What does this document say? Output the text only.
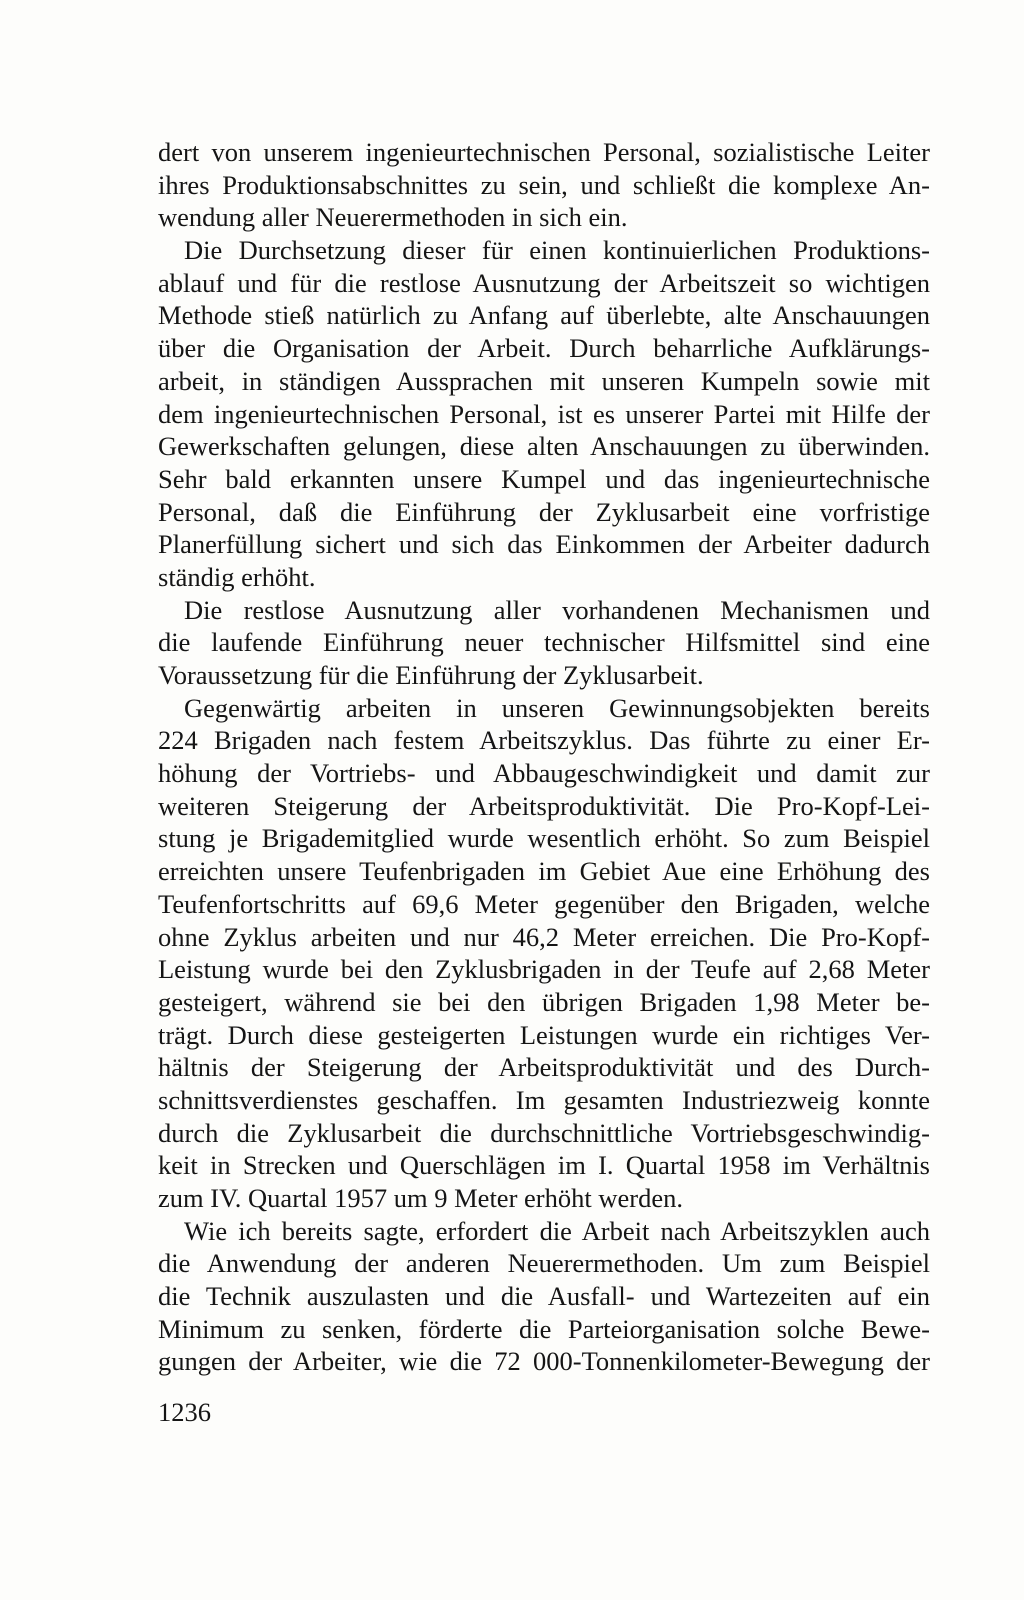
dert von unserem ingenieurtechnischen Personal, sozialistische Leiter
ihres Produktionsabschnittes zu sein, und schließt die komplexe An-
wendung aller Neuerermethoden in sich ein.
Die Durchsetzung dieser für einen kontinuierlichen Produktions-
ablauf und für die restlose Ausnutzung der Arbeitszeit so wichtigen
Methode stieß natürlich zu Anfang auf überlebte, alte Anschauungen
über die Organisation der Arbeit. Durch beharrliche Aufklärungs-
arbeit, in ständigen Aussprachen mit unseren Kumpeln sowie mit
dem ingenieurtechnischen Personal, ist es unserer Partei mit Hilfe der
Gewerkschaften gelungen, diese alten Anschauungen zu überwinden.
Sehr bald erkannten unsere Kumpel und das ingenieurtechnische
Personal, daß die Einführung der Zyklusarbeit eine vorfristige
Planerfüllung sichert und sich das Einkommen der Arbeiter dadurch
ständig erhöht.
Die restlose Ausnutzung aller vorhandenen Mechanismen und
die laufende Einführung neuer technischer Hilfsmittel sind eine
Voraussetzung für die Einführung der Zyklusarbeit.
Gegenwärtig arbeiten in unseren Gewinnungsobjekten bereits
224 Brigaden nach festem Arbeitszyklus. Das führte zu einer Er-
höhung der Vortriebs- und Abbaugeschwindigkeit und damit zur
weiteren Steigerung der Arbeitsproduktivität. Die Pro-Kopf-Lei-
stung je Brigademitglied wurde wesentlich erhöht. So zum Beispiel
erreichten unsere Teufenbrigaden im Gebiet Aue eine Erhöhung des
Teufenfortschritts auf 69,6 Meter gegenüber den Brigaden, welche
ohne Zyklus arbeiten und nur 46,2 Meter erreichen. Die Pro-Kopf-
Leistung wurde bei den Zyklusbrigaden in der Teufe auf 2,68 Meter
gesteigert, während sie bei den übrigen Brigaden 1,98 Meter be-
trägt. Durch diese gesteigerten Leistungen wurde ein richtiges Ver-
hältnis der Steigerung der Arbeitsproduktivität und des Durch-
schnittsverdienstes geschaffen. Im gesamten Industriezweig konnte
durch die Zyklusarbeit die durchschnittliche Vortriebsgeschwindig-
keit in Strecken und Querschlägen im I. Quartal 1958 im Verhältnis
zum IV. Quartal 1957 um 9 Meter erhöht werden.
Wie ich bereits sagte, erfordert die Arbeit nach Arbeitszyklen auch
die Anwendung der anderen Neuerermethoden. Um zum Beispiel
die Technik auszulasten und die Ausfall- und Wartezeiten auf ein
Minimum zu senken, förderte die Parteiorganisation solche Bewe-
gungen der Arbeiter, wie die 72 000-Tonnenkilometer-Bewegung der
1236
